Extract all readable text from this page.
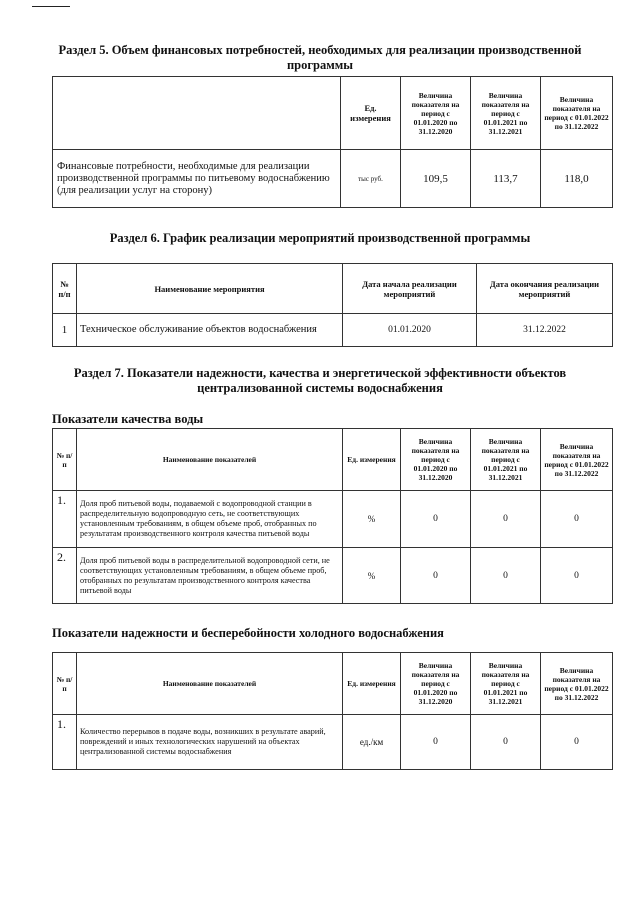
Раздел 5. Объем финансовых потребностей, необходимых для реализации производственной
программы
	Ед. измерения	Величина показателя на период с 01.01.2020 по 31.12.2020	Величина показателя на период с 01.01.2021 по 31.12.2021	Величина показателя на период с 01.01.2022 по 31.12.2022
Финансовые потребности, необходимые для реализации производственной программы по питьевому водоснабжению (для реализации услуг на сторону)	тыс руб.	109,5	113,7	118,0
Раздел 6. График реализации мероприятий производственной программы
№ п/п	Наименование мероприятия	Дата начала реализации мероприятий	Дата окончания реализации мероприятий
1	Техническое обслуживание объектов водоснабжения	01.01.2020	31.12.2022
Раздел 7. Показатели надежности, качества и энергетической эффективности объектов
централизованной системы водоснабжения
Показатели качества воды
№ п/п	Наименование показателей	Ед. измерения	Величина показателя на период с 01.01.2020 по 31.12.2020	Величина показателя на период с 01.01.2021 по 31.12.2021	Величина показателя на период с 01.01.2022 по 31.12.2022
1.	Доля проб питьевой воды, подаваемой с водопроводной станции в распределительную водопроводную сеть, не соответствующих установленным требованиям, в общем объеме проб, отобранных по результатам производственного контроля качества питьевой воды	%	0	0	0
2.	Доля проб питьевой воды в распределительной водопроводной сети, не соответствующих установленным требованиям, в общем объеме проб, отобранных по результатам производственного контроля качества питьевой воды	%	0	0	0
Показатели надежности и бесперебойности холодного водоснабжения
№ п/п	Наименование показателей	Ед. измерения	Величина показателя на период с 01.01.2020 по 31.12.2020	Величина показателя на период с 01.01.2021 по 31.12.2021	Величина показателя на период с 01.01.2022 по 31.12.2022
1.	Количество перерывов в подаче воды, возникших в результате аварий, повреждений и иных технологических нарушений на объектах централизованной системы водоснабжения	ед./км	0	0	0
